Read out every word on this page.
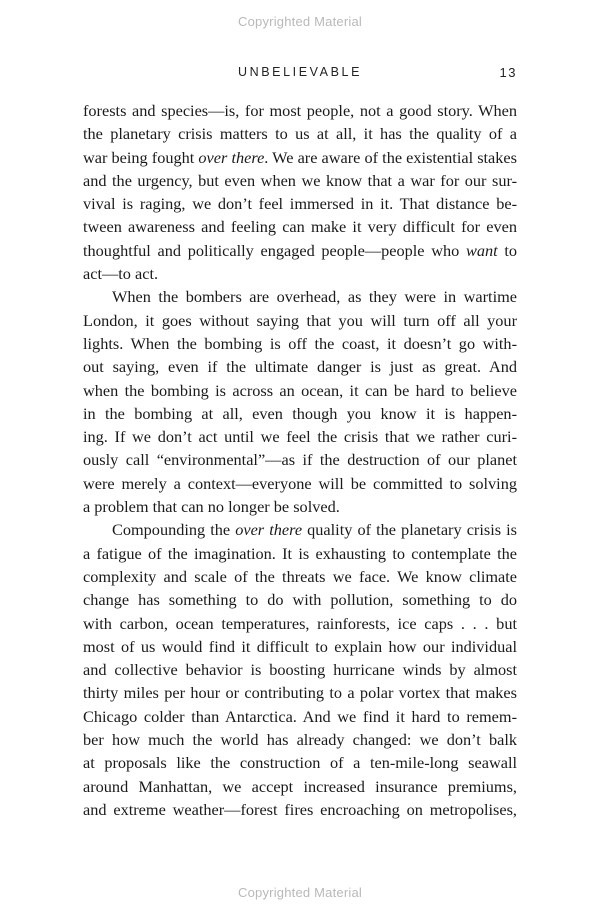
Copyrighted Material
UNBELIEVABLE	13
forests and species—is, for most people, not a good story. When
the planetary crisis matters to us at all, it has the quality of a
war being fought over there. We are aware of the existential stakes
and the urgency, but even when we know that a war for our sur-
vival is raging, we don’t feel immersed in it. That distance be-
tween awareness and feeling can make it very difficult for even
thoughtful and politically engaged people—people who want to
act—to act.
When the bombers are overhead, as they were in wartime
London, it goes without saying that you will turn off all your
lights. When the bombing is off the coast, it doesn’t go with-
out saying, even if the ultimate danger is just as great. And
when the bombing is across an ocean, it can be hard to believe
in the bombing at all, even though you know it is happen-
ing. If we don’t act until we feel the crisis that we rather curi-
ously call “environmental”—as if the destruction of our planet
were merely a context—everyone will be committed to solving
a problem that can no longer be solved.
Compounding the over there quality of the planetary crisis is
a fatigue of the imagination. It is exhausting to contemplate the
complexity and scale of the threats we face. We know climate
change has something to do with pollution, something to do
with carbon, ocean temperatures, rainforests, ice caps . . . but
most of us would find it difficult to explain how our individual
and collective behavior is boosting hurricane winds by almost
thirty miles per hour or contributing to a polar vortex that makes
Chicago colder than Antarctica. And we find it hard to remem-
ber how much the world has already changed: we don’t balk
at proposals like the construction of a ten-mile-long seawall
around Manhattan, we accept increased insurance premiums,
and extreme weather—forest fires encroaching on metropolises,
Copyrighted Material
